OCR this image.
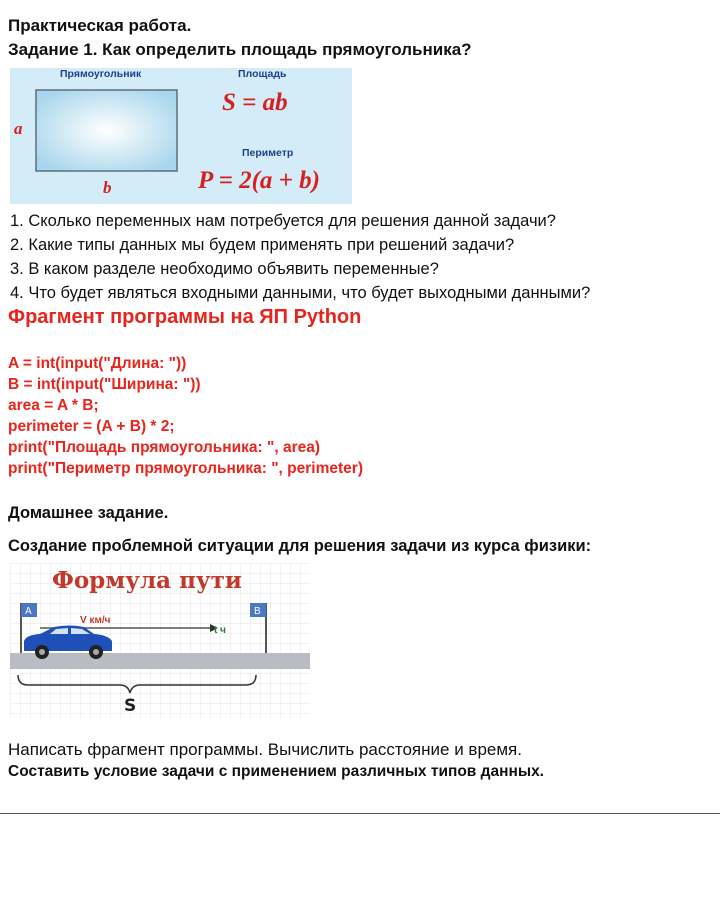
Практическая работа.
Задание 1. Как определить площадь прямоугольника?
Прямоугольник	Площадь
S = ab
Периметр
P = 2(a + b)
a
b
1. Сколько переменных нам потребуется для решения данной задачи?
2. Какие типы данных мы будем применять при решений задачи?
3. В каком разделе необходимо объявить переменные?
4. Что будет являться входными данными, что будет выходными данными?
Фрагмент программы на ЯП Python
A = int(input("Длина: "))
B = int(input("Ширина: "))
area = A * B;
perimeter = (A + B) * 2;
print("Площадь прямоугольника: ", area)
print("Периметр прямоугольника: ", perimeter)
Домашнее задание.
Создание проблемной ситуации для решения задачи из курса физики:
Формула пути
A	B
V км/ч
t ч
S
Написать фрагмент программы. Вычислить расстояние и время.
Составить условие задачи с применением различных типов данных.
